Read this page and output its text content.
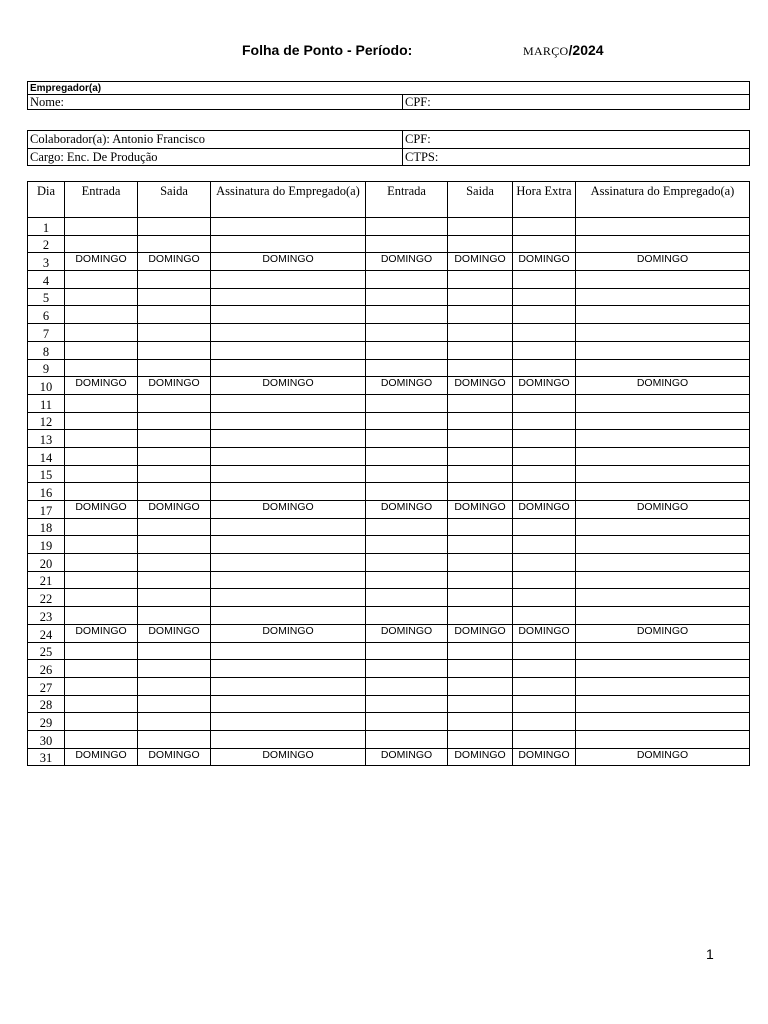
Folha de Ponto - Período:	MARÇO/2024
Empregador(a)
Nome:	CPF:
Colaborador(a): Antonio Francisco	CPF:
Cargo: Enc. De Produção	CTPS:
Dia	Entrada	Saida	Assinatura do Empregado(a)	Entrada	Saida	Hora Extra	Assinatura do Empregado(a)
1							
2							
3	DOMINGO	DOMINGO	DOMINGO	DOMINGO	DOMINGO	DOMINGO	DOMINGO
4							
5							
6							
7							
8							
9							
10	DOMINGO	DOMINGO	DOMINGO	DOMINGO	DOMINGO	DOMINGO	DOMINGO
11							
12							
13							
14							
15							
16							
17	DOMINGO	DOMINGO	DOMINGO	DOMINGO	DOMINGO	DOMINGO	DOMINGO
18							
19							
20							
21							
22							
23							
24	DOMINGO	DOMINGO	DOMINGO	DOMINGO	DOMINGO	DOMINGO	DOMINGO
25							
26							
27							
28							
29							
30							
31	DOMINGO	DOMINGO	DOMINGO	DOMINGO	DOMINGO	DOMINGO	DOMINGO
1
